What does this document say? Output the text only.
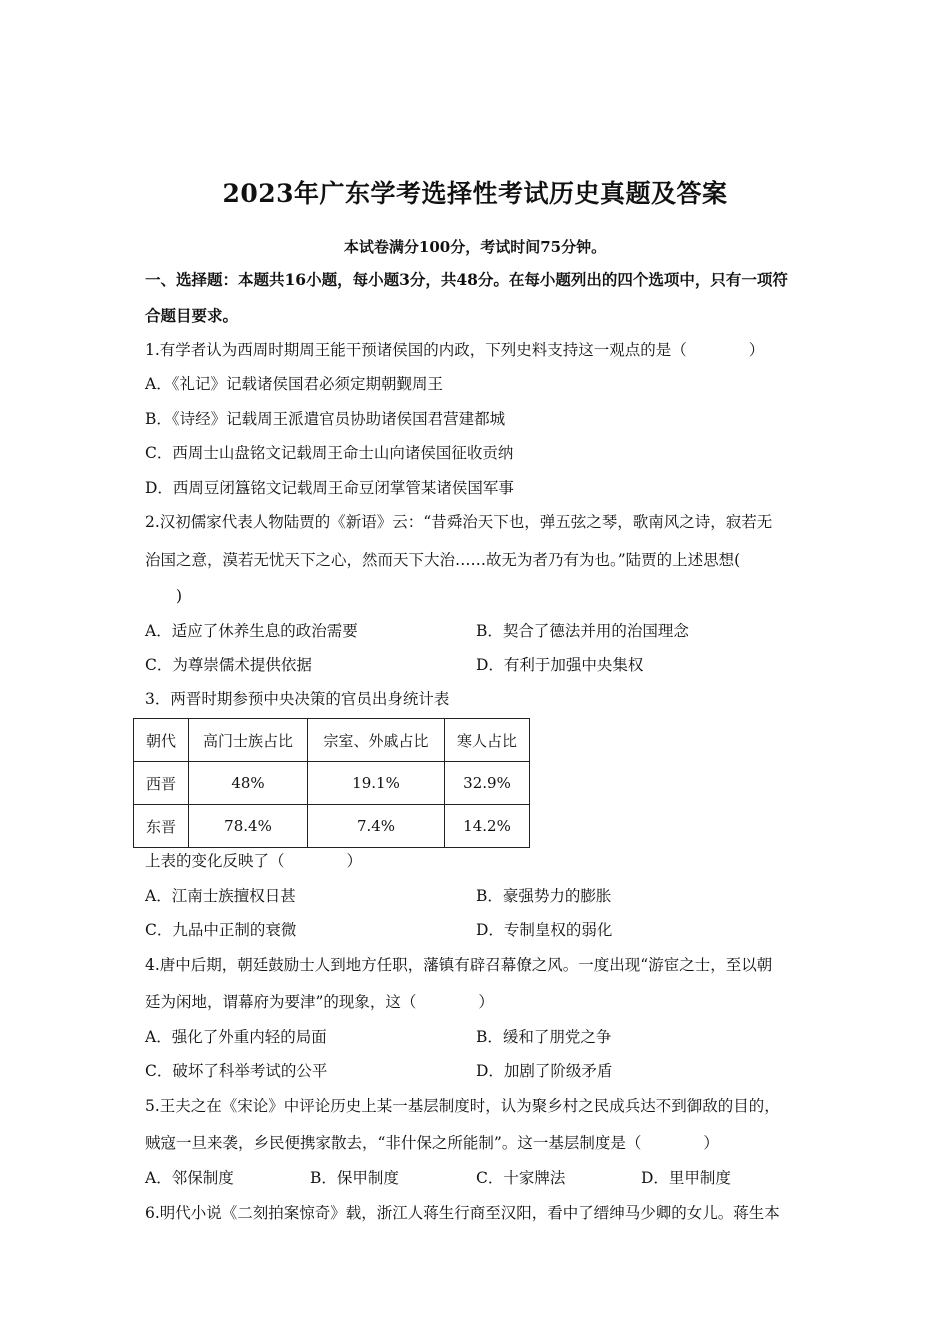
2023年广东学考选择性考试历史真题及答案
本试卷满分100分，考试时间75分钟。
一、选择题：本题共16小题，每小题3分，共48分。在每小题列出的四个选项中，只有一项符
合题目要求。
1.有学者认为西周时期周王能干预诸侯国的内政，下列史料支持这一观点的是（　　　　）
A．《礼记》记载诸侯国君必须定期朝觐周王
B．《诗经》记载周王派遣官员协助诸侯国君营建都城
C．西周士山盘铭文记载周王命士山向诸侯国征收贡纳
D．西周豆闭簋铭文记载周王命豆闭掌管某诸侯国军事
2.汉初儒家代表人物陆贾的《新语》云：“昔舜治天下也，弹五弦之琴，歌南风之诗，寂若无
治国之意，漠若无忧天下之心，然而天下大治……故无为者乃有为也。”陆贾的上述思想(
)
A．适应了休养生息的政治需要	B．契合了德法并用的治国理念
C．为尊崇儒术提供依据	D．有利于加强中央集权
3．两晋时期参预中央决策的官员出身统计表
朝代	高门士族占比	宗室、外戚占比	寒人占比
西晋	48%	19.1%	32.9%
东晋	78.4%	7.4%	14.2%
上表的变化反映了（　　　　）
A．江南士族擅权日甚	B．豪强势力的膨胀
C．九品中正制的衰微	D．专制皇权的弱化
4.唐中后期，朝廷鼓励士人到地方任职，藩镇有辟召幕僚之风。一度出现“游宦之士，至以朝
廷为闲地，谓幕府为要津”的现象，这（　　　　）
A．强化了外重内轻的局面	B．缓和了朋党之争
C．破坏了科举考试的公平	D．加剧了阶级矛盾
5.王夫之在《宋论》中评论历史上某一基层制度时，认为聚乡村之民成兵达不到御敌的目的，
贼寇一旦来袭，乡民便携家散去，“非什保之所能制”。这一基层制度是（　　　　）
A．邻保制度	B．保甲制度	C．十家牌法	D．里甲制度
6.明代小说《二刻拍案惊奇》载，浙江人蒋生行商至汉阳，看中了缙绅马少卿的女儿。蒋生本
